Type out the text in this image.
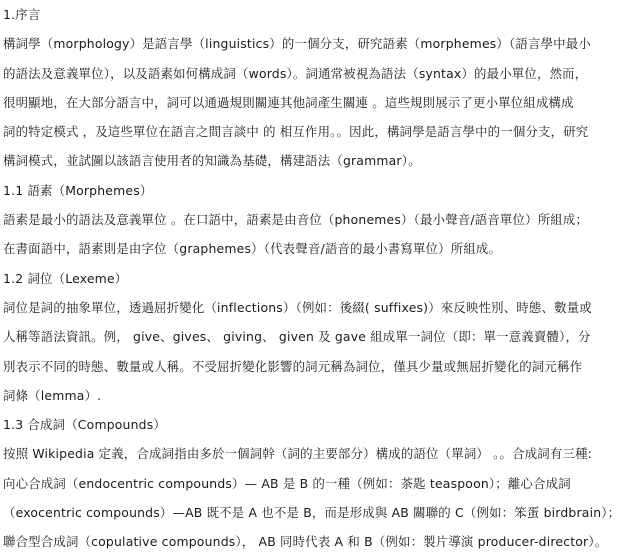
1.序言
構詞學（morphology）是語言學（linguistics）的一個分支，研究語素（morphemes）（語言學中最小
的語法及意義單位），以及語素如何構成詞（words）。詞通常被視為語法（syntax）的最小單位，然而，
很明顯地，在大部分語言中，詞可以通過規則關連其他詞產生關連 。這些規則展示了更小單位組成構成
詞的特定模式 ，及這些單位在語言之間言談中 的 相互作用。。因此，構詞學是語言學中的一個分支，研究
構詞模式，並試圖以該語言使用者的知識為基礎，構建語法（grammar）。
1.1 語素（Morphemes）
語素是最小的語法及意義單位 。在口語中，語素是由音位（phonemes）（最小聲音/語音單位）所組成；
在書面語中，語素則是由字位（graphemes）（代表聲音/語音的最小書寫單位）所組成。
1.2 詞位（Lexeme）
詞位是詞的抽象單位，透過屈折變化（inflections）（例如：後綴( suffixes)）來反映性別、時態、數量或
人稱等語法資訊。例， give、gives、 giving、 given 及 gave 組成單一詞位（即：單一意義賣體），分
別表示不同的時態、數量或人稱。不受屈折變化影響的詞元稱為詞位，僅具少量或無屈折變化的詞元稱作
詞條（lemma）.
1.3 合成詞（Compounds）
按照 Wikipedia 定義，合成詞指由多於一個詞幹（詞的主要部分）構成的語位（單詞） 。。合成詞有三種:
向心合成詞（endocentric compounds）— AB 是 B 的一種（例如：茶匙 teaspoon）；離心合成詞
（exocentric compounds）—AB 既不是 A 也不是 B，而是形成與 AB 關聯的 C（例如：笨蛋 birdbrain）；
聯合型合成詞（copulative compounds）， AB 同時代表 A 和 B（例如：製片導演 producer-director）。
